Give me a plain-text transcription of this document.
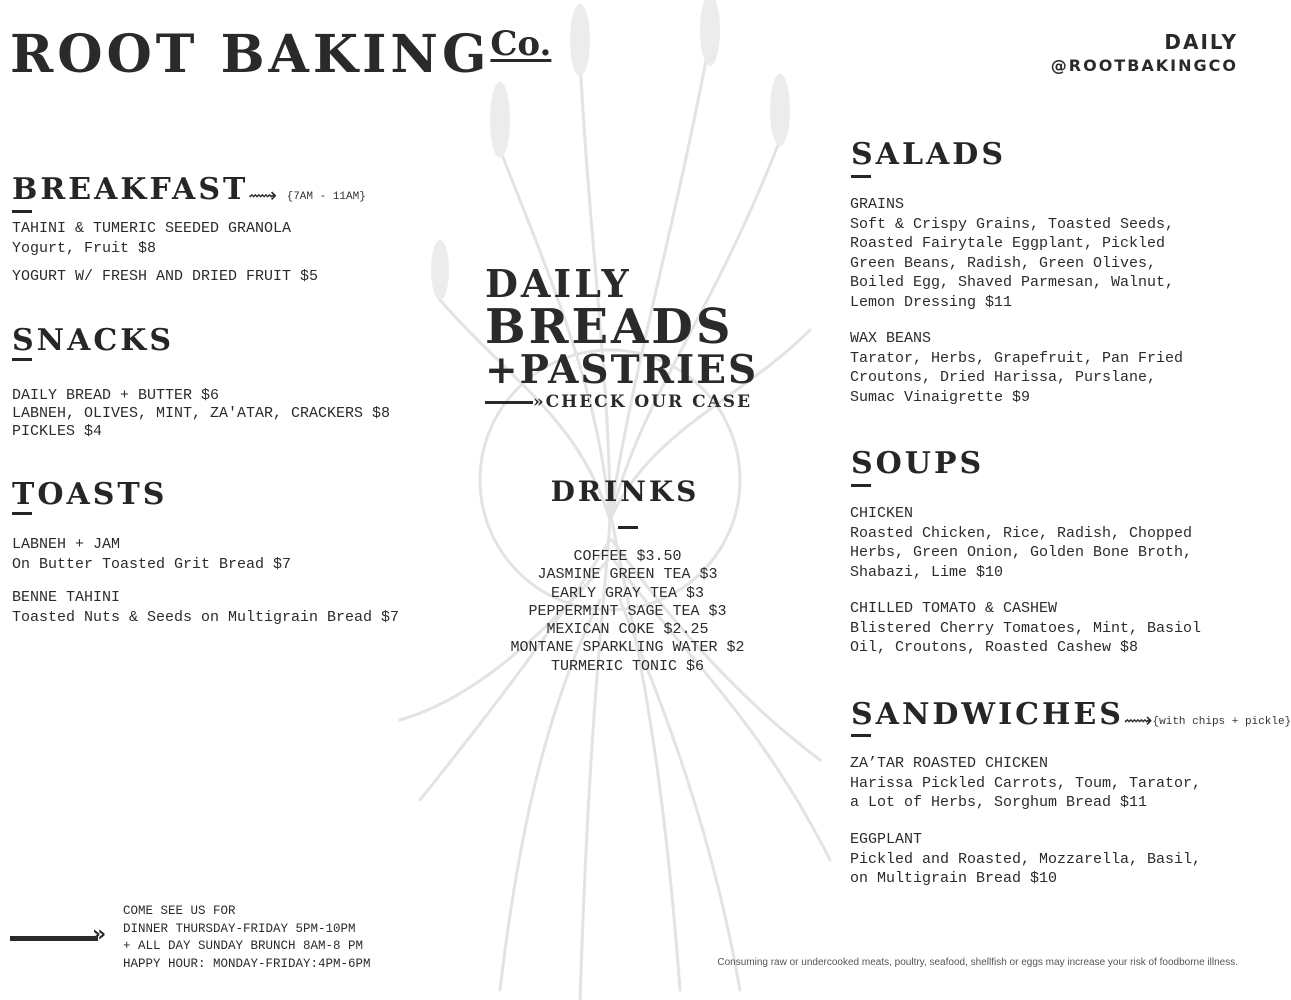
ROOT $BAKING^{Co.}$	DAILY
@ROOTBAKINGCO
BREAKFAST⟿ {7AM - 11AM}
TAHINI & TUMERIC SEEDED GRANOLA
Yogurt, Fruit $8
YOGURT W/ FRESH AND DRIED FRUIT $5
SNACKS
DAILY BREAD + BUTTER $6
LABNEH, OLIVES, MINT, ZA'ATAR, CRACKERS $8
PICKLES $4
TOASTS
LABNEH + JAM
On Butter Toasted Grit Bread $7
BENNE TAHINI
Toasted Nuts & Seeds on Multigrain Bread $7
DAILY
BREADS
+PASTRIES
»CHECK OUR CASE
DRINKS
COFFEE $3.50
JASMINE GREEN TEA $3
EARLY GRAY TEA $3
PEPPERMINT SAGE TEA $3
MEXICAN COKE $2.25
MONTANE SPARKLING WATER $2
TURMERIC TONIC $6
SALADS
GRAINS
Soft & Crispy Grains, Toasted Seeds,
Roasted Fairytale Eggplant, Pickled
Green Beans, Radish, Green Olives,
Boiled Egg, Shaved Parmesan, Walnut,
Lemon Dressing $11
WAX BEANS
Tarator, Herbs, Grapefruit, Pan Fried
Croutons, Dried Harissa, Purslane,
Sumac Vinaigrette $9
SOUPS
CHICKEN
Roasted Chicken, Rice, Radish, Chopped
Herbs, Green Onion, Golden Bone Broth,
Shabazi, Lime $10
CHILLED TOMATO & CASHEW
Blistered Cherry Tomatoes, Mint, Basiol
Oil, Croutons, Roasted Cashew $8
SANDWICHES⟿{with chips + pickle}
ZA’TAR ROASTED CHICKEN
Harissa Pickled Carrots, Toum, Tarator,
a Lot of Herbs, Sorghum Bread $11
EGGPLANT
Pickled and Roasted, Mozzarella, Basil,
on Multigrain Bread $10
»
COME SEE US FOR
DINNER THURSDAY-FRIDAY 5PM-10PM
+ ALL DAY SUNDAY BRUNCH 8AM-8 PM
HAPPY HOUR: MONDAY-FRIDAY:4PM-6PM	Consuming raw or undercooked meats, poultry, seafood, shellfish or eggs may increase your risk of foodborne illness.
